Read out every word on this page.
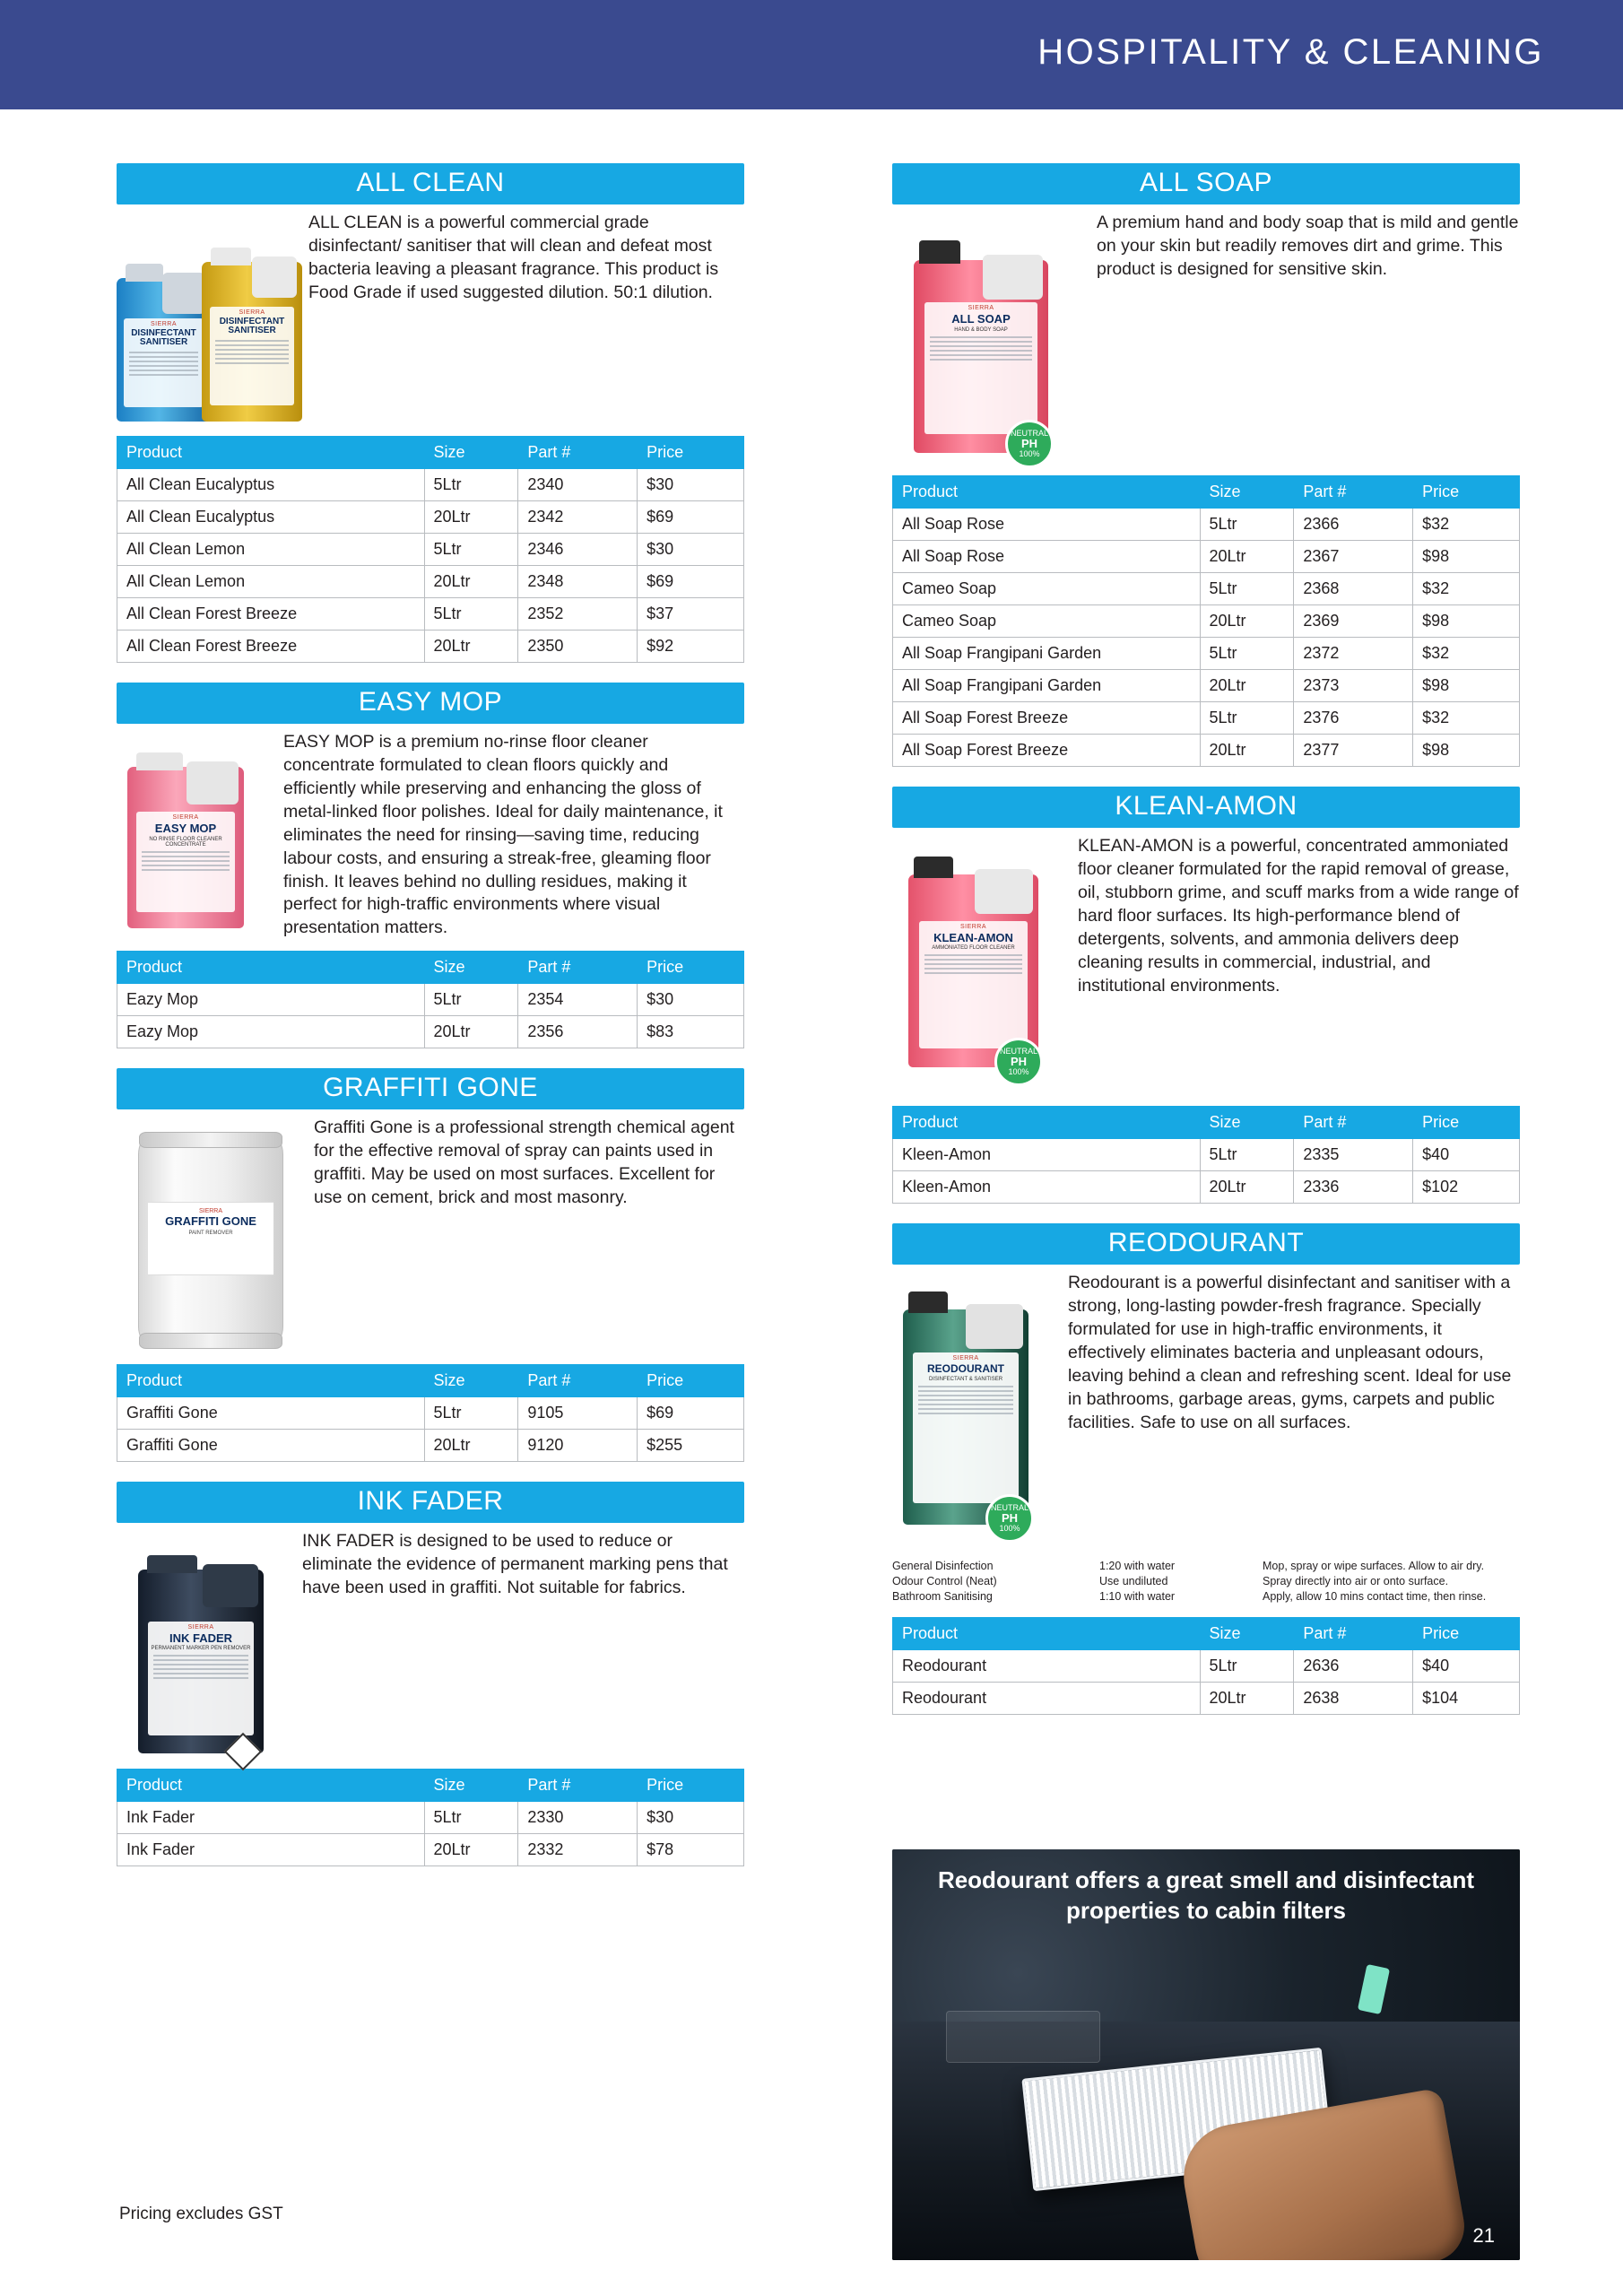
HOSPITALITY & CLEANING
ALL CLEAN
SIERRA
DISINFECTANT SANITISER
SIERRA
DISINFECTANT SANITISER
ALL CLEAN is a powerful commercial grade disinfectant/ sanitiser that will clean and defeat most bacteria leaving a pleasant fragrance. This product is Food Grade if used suggested dilution. 50:1 dilution.
Product	Size	Part #	Price
All Clean Eucalyptus	5Ltr	2340	$30
All Clean Eucalyptus	20Ltr	2342	$69
All Clean Lemon	5Ltr	2346	$30
All Clean Lemon	20Ltr	2348	$69
All Clean Forest Breeze	5Ltr	2352	$37
All Clean Forest Breeze	20Ltr	2350	$92
EASY MOP
SIERRA
EASY MOP
NO RINSE FLOOR CLEANER CONCENTRATE
EASY MOP is a premium no-rinse floor cleaner concentrate formulated to clean floors quickly and efficiently while preserving and enhancing the gloss of metal-linked floor polishes. Ideal for daily maintenance, it eliminates the need for rinsing—saving time, reducing labour costs, and ensuring a streak-free, gleaming floor finish. It leaves behind no dulling residues, making it perfect for high-traffic environments where visual presentation matters.
Product	Size	Part #	Price
Eazy Mop	5Ltr	2354	$30
Eazy Mop	20Ltr	2356	$83
GRAFFITI GONE
SIERRA
GRAFFITI GONE
PAINT REMOVER
Graffiti Gone is a professional strength chemical agent for the effective removal of spray can paints used in graffiti. May be used on most surfaces. Excellent for use on cement, brick and most masonry.
Product	Size	Part #	Price
Graffiti Gone	5Ltr	9105	$69
Graffiti Gone	20Ltr	9120	$255
INK FADER
SIERRA
INK FADER
PERMANENT MARKER PEN REMOVER
INK FADER is designed to be used to reduce or eliminate the evidence of permanent marking pens that have been used in graffiti. Not suitable for fabrics.
Product	Size	Part #	Price
Ink Fader	5Ltr	2330	$30
Ink Fader	20Ltr	2332	$78
ALL SOAP
SIERRA
ALL SOAP
HAND & BODY SOAP
NEUTRAL
PH
100%
A premium hand and body soap that is mild and gentle on your skin but readily removes dirt and grime. This product is designed for sensitive skin.
Product	Size	Part #	Price
All Soap Rose	5Ltr	2366	$32
All Soap Rose	20Ltr	2367	$98
Cameo Soap	5Ltr	2368	$32
Cameo Soap	20Ltr	2369	$98
All Soap Frangipani Garden	5Ltr	2372	$32
All Soap Frangipani Garden	20Ltr	2373	$98
All Soap Forest Breeze	5Ltr	2376	$32
All Soap Forest Breeze	20Ltr	2377	$98
KLEAN-AMON
SIERRA
KLEAN-AMON
AMMONIATED FLOOR CLEANER
NEUTRAL
PH
100%
KLEAN-AMON is a powerful, concentrated ammoniated floor cleaner formulated for the rapid removal of grease, oil, stubborn grime, and scuff marks from a wide range of hard floor surfaces. Its high-performance blend of detergents, solvents, and ammonia delivers deep cleaning results in commercial, industrial, and institutional environments.
Product	Size	Part #	Price
Kleen-Amon	5Ltr	2335	$40
Kleen-Amon	20Ltr	2336	$102
REODOURANT
SIERRA
REODOURANT
DISINFECTANT & SANITISER
NEUTRAL
PH
100%
Reodourant is a powerful disinfectant and sanitiser with a strong, long-lasting powder-fresh fragrance. Specially formulated for use in high-traffic environments, it effectively eliminates bacteria and unpleasant odours, leaving behind a clean and refreshing scent. Ideal for use in bathrooms, garbage areas, gyms, carpets and public facilities. Safe to use on all surfaces.
General Disinfection	1:20 with water	Mop, spray or wipe surfaces. Allow to air dry.
Odour Control (Neat)	Use undiluted	Spray directly into air or onto surface.
Bathroom Sanitising	1:10 with water	Apply, allow 10 mins contact time, then rinse.
Product	Size	Part #	Price
Reodourant	5Ltr	2636	$40
Reodourant	20Ltr	2638	$104
Reodourant offers a great smell and disinfectant properties to cabin filters
21
Pricing excludes GST
